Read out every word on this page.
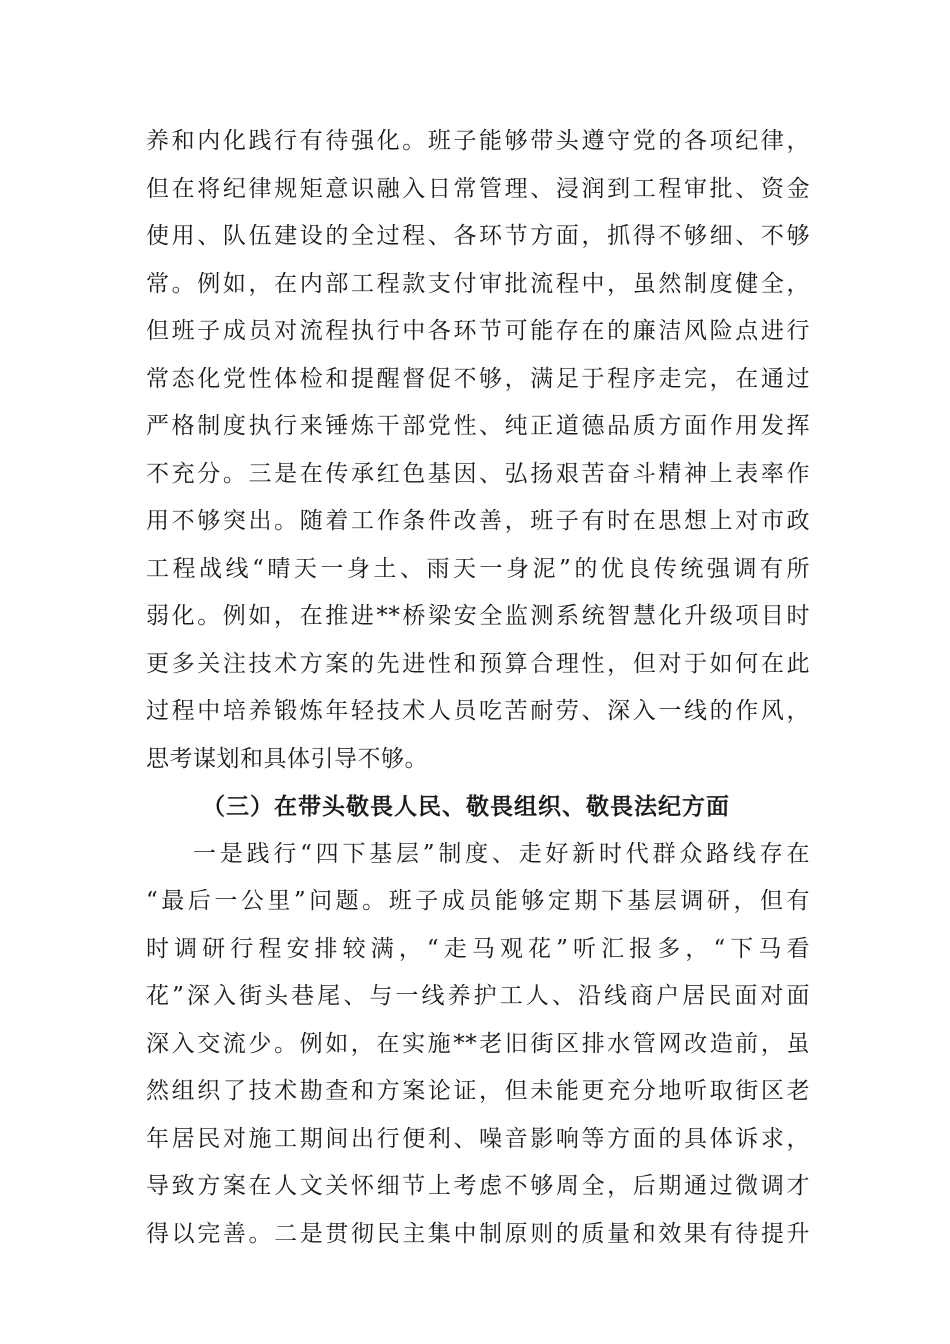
养和内化践行有待强化。班子能够带头遵守党的各项纪律，
但在将纪律规矩意识融入日常管理、浸润到工程审批、资金
使用、队伍建设的全过程、各环节方面，抓得不够细、不够
常。例如，在内部工程款支付审批流程中，虽然制度健全，
但班子成员对流程执行中各环节可能存在的廉洁风险点进行
常态化党性体检和提醒督促不够，满足于程序走完，在通过
严格制度执行来锤炼干部党性、纯正道德品质方面作用发挥
不充分。三是在传承红色基因、弘扬艰苦奋斗精神上表率作
用不够突出。随着工作条件改善，班子有时在思想上对市政
工程战线“晴天一身土、雨天一身泥”的优良传统强调有所
弱化。例如，在推进**桥梁安全监测系统智慧化升级项目时
更多关注技术方案的先进性和预算合理性，但对于如何在此
过程中培养锻炼年轻技术人员吃苦耐劳、深入一线的作风，
思考谋划和具体引导不够。
（三）在带头敬畏人民、敬畏组织、敬畏法纪方面
一是践行“四下基层”制度、走好新时代群众路线存在
“最后一公里”问题。班子成员能够定期下基层调研，但有
时调研行程安排较满，“走马观花”听汇报多，“下马看
花”深入街头巷尾、与一线养护工人、沿线商户居民面对面
深入交流少。例如，在实施**老旧街区排水管网改造前，虽
然组织了技术勘查和方案论证，但未能更充分地听取街区老
年居民对施工期间出行便利、噪音影响等方面的具体诉求，
导致方案在人文关怀细节上考虑不够周全，后期通过微调才
得以完善。二是贯彻民主集中制原则的质量和效果有待提升
